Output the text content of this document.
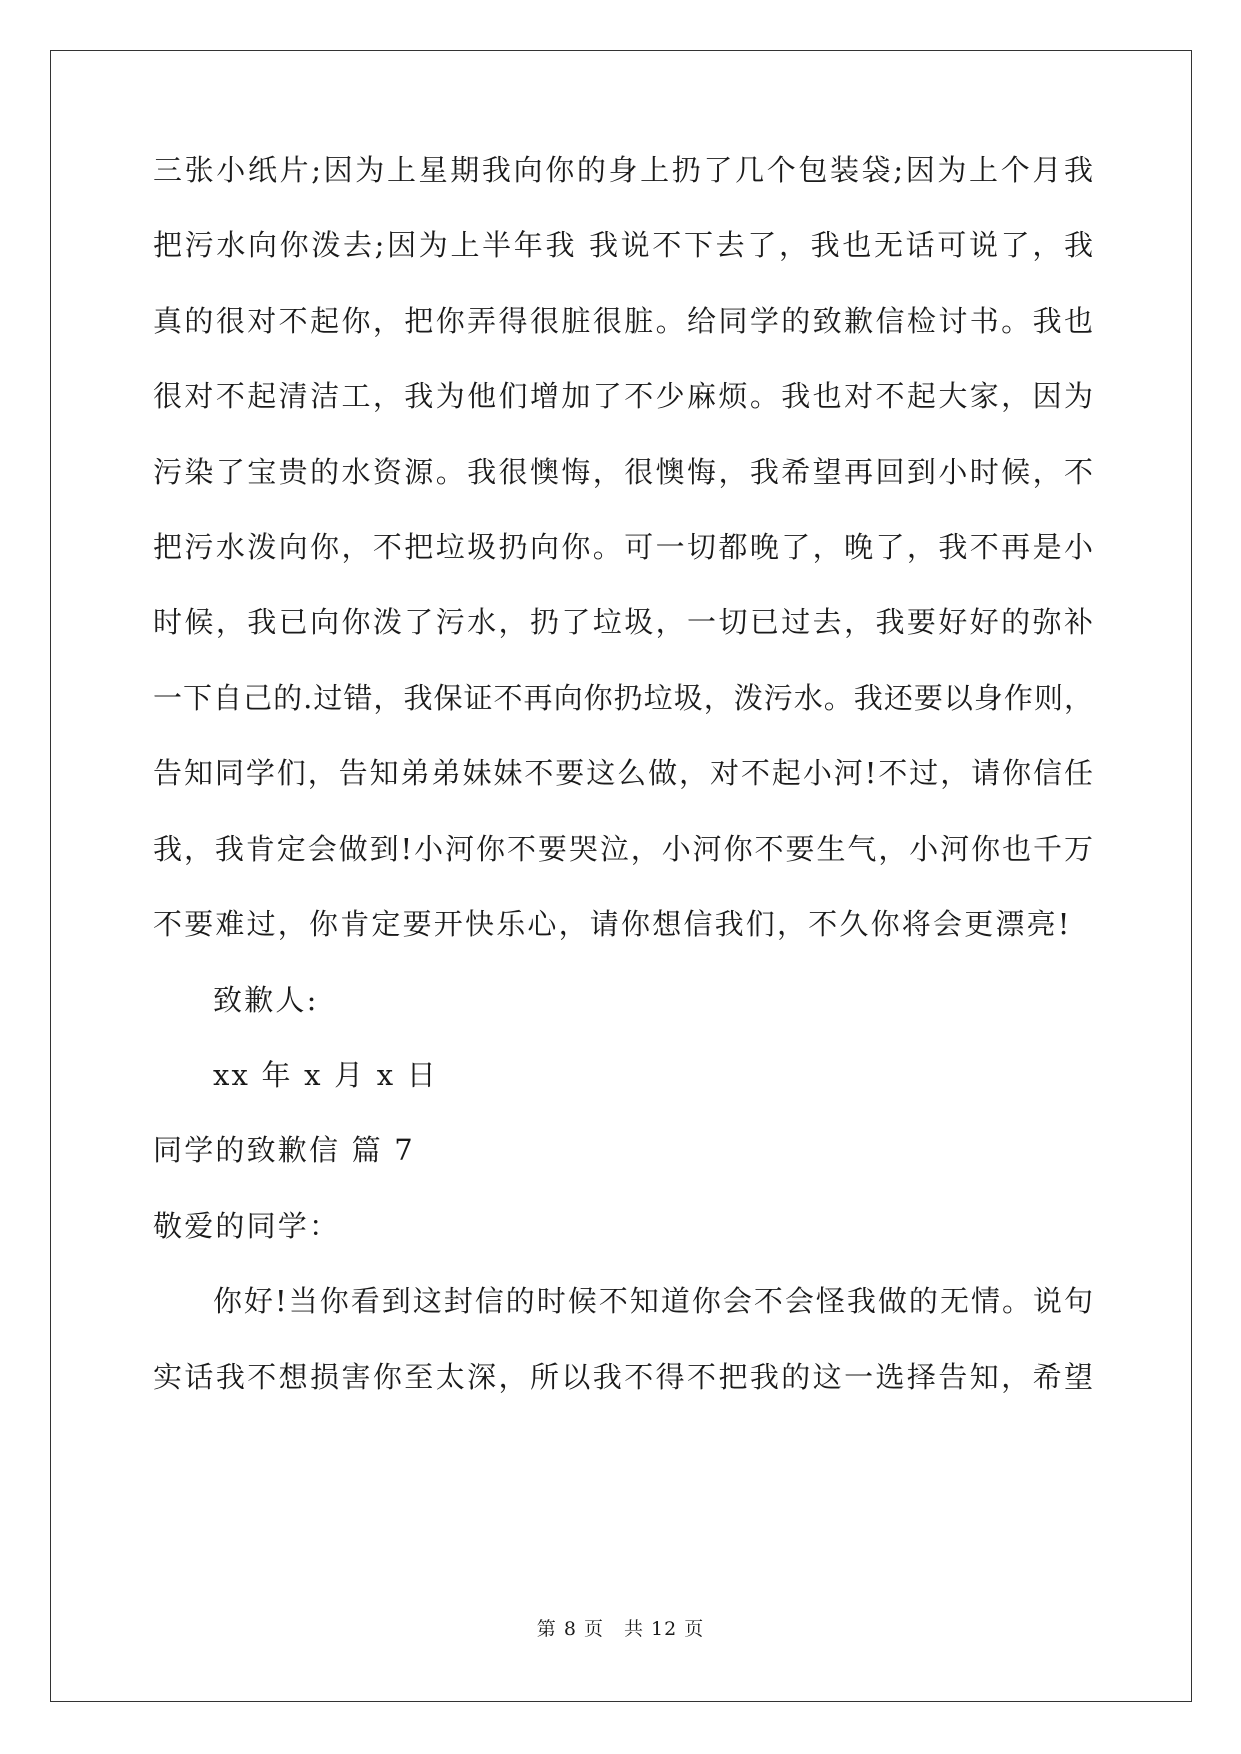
三张小纸片;因为上星期我向你的身上扔了几个包装袋;因为上个月我
把污水向你泼去;因为上半年我 我说不下去了，我也无话可说了，我
真的很对不起你，把你弄得很脏很脏。给同学的致歉信检讨书。我也
很对不起清洁工，我为他们增加了不少麻烦。我也对不起大家，因为
污染了宝贵的水资源。我很懊悔，很懊悔，我希望再回到小时候，不
把污水泼向你，不把垃圾扔向你。可一切都晚了，晚了，我不再是小
时候，我已向你泼了污水，扔了垃圾，一切已过去，我要好好的弥补
一下自己的.过错，我保证不再向你扔垃圾，泼污水。我还要以身作则，
告知同学们，告知弟弟妹妹不要这么做，对不起小河!不过，请你信任
我，我肯定会做到!小河你不要哭泣，小河你不要生气，小河你也千万
不要难过，你肯定要开快乐心，请你想信我们，不久你将会更漂亮!
致歉人:
xx 年 x 月 x 日
同学的致歉信 篇 7
敬爱的同学：
你好!当你看到这封信的时候不知道你会不会怪我做的无情。说句
实话我不想损害你至太深，所以我不得不把我的这一选择告知，希望
第 8 页　共 12 页
